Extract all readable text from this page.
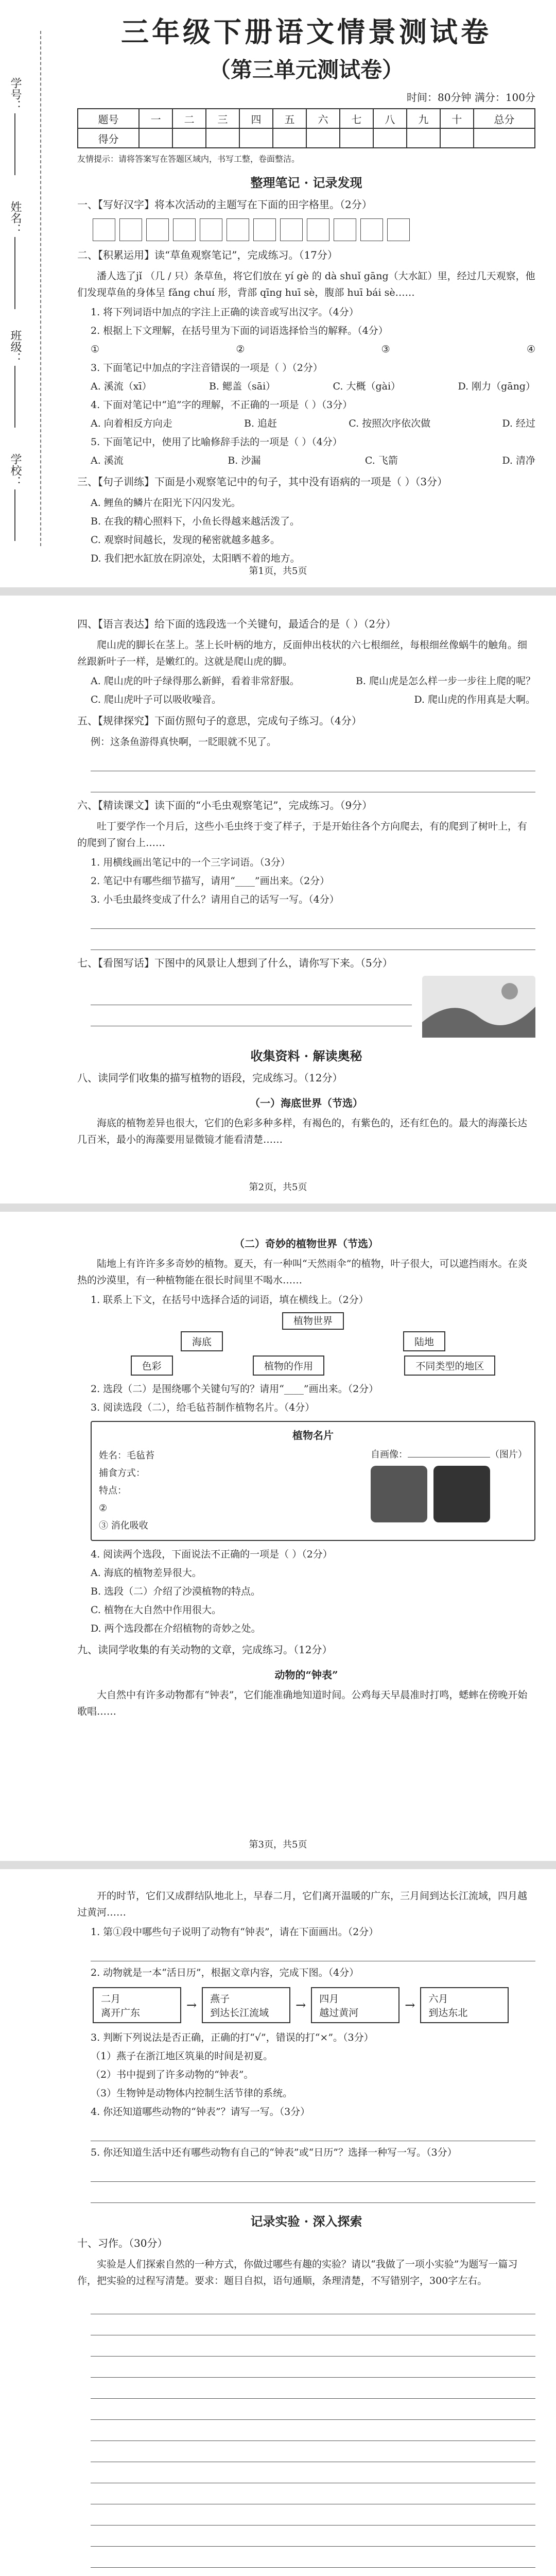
学号：
姓名：
班级：
学校：
三年级下册语文情景测试卷
（第三单元测试卷）
时间：80分钟 满分：100分
题号	一	二	三	四	五	六	七	八	九	十	总分
得分											
友情提示：请将答案写在答题区域内，书写工整，卷面整洁。
整理笔记 · 记录发现
一、【写好汉字】将本次活动的主题写在下面的田字格里。（2分）
二、【积累运用】读“草鱼观察笔记”，完成练习。（17分）
潘人选了jǐ （几 / 只）条草鱼，将它们放在 yí gè 的 dà shuǐ gāng（大水缸）里，经过几天观察，他们发现草鱼的身体呈 fǎng chuí 形，背部 qīng huī sè，腹部 huī bái sè……
1. 将下列词语中加点的字注上正确的读音或写出汉字。（4分）
2. 根据上下文理解，在括号里为下面的词语选择恰当的解释。（4分）
①	②	③	④
3. 下面笔记中加点的字注音错误的一项是（ ）（2分）
A. 溪流（xī）	B. 鳃盖（sāi）	C. 大概（gài）	D. 刚力（gāng）
4. 下面对笔记中“追”字的理解，不正确的一项是（ ）（3分）
A. 向着相反方向走	B. 追赶	C. 按照次序依次做	D. 经过
5. 下面笔记中，使用了比喻修辞手法的一项是（ ）（4分）
A. 溪流	B. 沙漏	C. 飞箭	D. 清净
三、【句子训练】下面是小观察笔记中的句子，其中没有语病的一项是（ ）（3分）
A. 鲤鱼的鳞片在阳光下闪闪发光。
B. 在我的精心照料下，小鱼长得越来越活泼了。
C. 观察时间越长，发现的秘密就越多越多。
D. 我们把水缸放在阴凉处，太阳晒不着的地方。
第1页，共5页
四、【语言表达】给下面的选段选一个关键句，最适合的是（ ）（2分）
爬山虎的脚长在茎上。茎上长叶柄的地方，反面伸出枝状的六七根细丝，每根细丝像蜗牛的触角。细丝跟新叶子一样，是嫩红的。这就是爬山虎的脚。
A. 爬山虎的叶子绿得那么新鲜，看着非常舒服。	B. 爬山虎是怎么样一步一步往上爬的呢？
C. 爬山虎叶子可以吸收噪音。	D. 爬山虎的作用真是大啊。
五、【规律探究】下面仿照句子的意思，完成句子练习。（4分）
例：这条鱼游得真快啊，一眨眼就不见了。
六、【精读课文】读下面的“小毛虫观察笔记”，完成练习。（9分）
吐丁要学作一个月后，这些小毛虫终于变了样子，于是开始往各个方向爬去，有的爬到了树叶上，有的爬到了窗台上……
1. 用横线画出笔记中的一个三字词语。（3分）
2. 笔记中有哪些细节描写，请用“____”画出来。（2分）
3. 小毛虫最终变成了什么？请用自己的话写一写。（4分）
七、【看图写话】下图中的风景让人想到了什么，请你写下来。（5分）
收集资料 · 解读奥秘
八、读同学们收集的描写植物的语段，完成练习。（12分）
（一）海底世界（节选）
海底的植物差异也很大，它们的色彩多种多样，有褐色的，有紫色的，还有红色的。最大的海藻长达几百米，最小的海藻要用显微镜才能看清楚……
第2页，共5页
（二）奇妙的植物世界（节选）
陆地上有许许多多奇妙的植物。夏天，有一种叫“天然雨伞”的植物，叶子很大，可以遮挡雨水。在炎热的沙漠里，有一种植物能在很长时间里不喝水……
1. 联系上下文，在括号中选择合适的词语，填在横线上。（2分）
植物世界
海底	陆地
色彩	植物的作用	不同类型的地区
2. 选段（二）是围绕哪个关键句写的？请用“____”画出来。（2分）
3. 阅读选段（二），给毛毡苔制作植物名片。（4分）
植物名片
姓名：毛毡苔
捕食方式：
特点：
②
③ 消化吸收
自画像：	（图片）
4. 阅读两个选段，下面说法不正确的一项是（ ）（2分）
A. 海底的植物差异很大。
B. 选段（二）介绍了沙漠植物的特点。
C. 植物在大自然中作用很大。
D. 两个选段都在介绍植物的奇妙之处。
九、读同学收集的有关动物的文章，完成练习。（12分）
动物的“钟表”
大自然中有许多动物都有“钟表”，它们能准确地知道时间。公鸡每天早晨准时打鸣，蟋蟀在傍晚开始歌唱……
第3页，共5页
开的时节，它们又成群结队地北上，早春二月，它们离开温暖的广东，三月间到达长江流域，四月越过黄河……
1. 第①段中哪些句子说明了动物有“钟表”，请在下面画出。（2分）
2. 动物就是一本“活日历”，根据文章内容，完成下图。（4分）
二月
离开广东
→ 燕子
到达长江流域
→ 四月
越过黄河
→ 六月
到达东北
3. 判断下列说法是否正确，正确的打“√”，错误的打“×”。（3分）
（1）燕子在浙江地区筑巢的时间是初夏。
（2）书中提到了许多动物的“钟表”。
（3）生物钟是动物体内控制生活节律的系统。
4. 你还知道哪些动物的“钟表”？请写一写。（3分）
5. 你还知道生活中还有哪些动物有自己的“钟表”或“日历”？选择一种写一写。（3分）
记录实验 · 深入探索
十、习作。（30分）
实验是人们探索自然的一种方式，你做过哪些有趣的实验？请以“我做了一项小实验”为题写一篇习作，把实验的过程写清楚。要求：题目自拟，语句通顺，条理清楚，不写错别字，300字左右。
